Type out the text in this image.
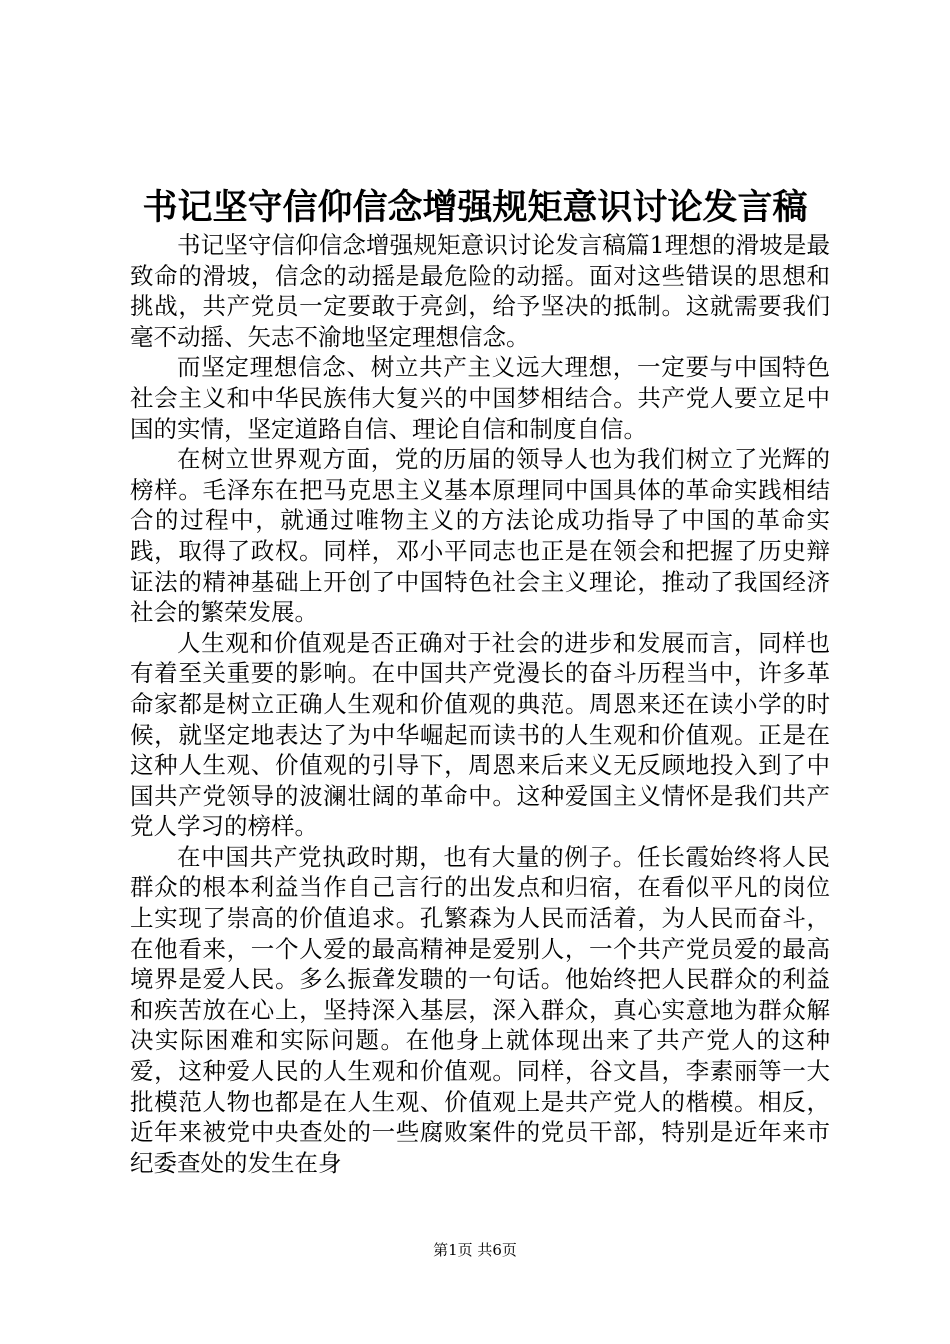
书记坚守信仰信念增强规矩意识讨论发言稿

书记坚守信仰信念增强规矩意识讨论发言稿篇1理想的滑坡是最致命的滑坡，信念的动摇是最危险的动摇。面对这些错误的思想和挑战，共产党员一定要敢于亮剑，给予坚决的抵制。这就需要我们毫不动摇、矢志不渝地坚定理想信念。

而坚定理想信念、树立共产主义远大理想，一定要与中国特色社会主义和中华民族伟大复兴的中国梦相结合。共产党人要立足中国的实情，坚定道路自信、理论自信和制度自信。

在树立世界观方面，党的历届的领导人也为我们树立了光辉的榜样。毛泽东在把马克思主义基本原理同中国具体的革命实践相结合的过程中，就通过唯物主义的方法论成功指导了中国的革命实践，取得了政权。同样，邓小平同志也正是在领会和把握了历史辩证法的精神基础上开创了中国特色社会主义理论，推动了我国经济社会的繁荣发展。

人生观和价值观是否正确对于社会的进步和发展而言，同样也有着至关重要的影响。在中国共产党漫长的奋斗历程当中，许多革命家都是树立正确人生观和价值观的典范。周恩来还在读小学的时候，就坚定地表达了为中华崛起而读书的人生观和价值观。正是在这种人生观、价值观的引导下，周恩来后来义无反顾地投入到了中国共产党领导的波澜壮阔的革命中。这种爱国主义情怀是我们共产党人学习的榜样。

在中国共产党执政时期，也有大量的例子。任长霞始终将人民群众的根本利益当作自己言行的出发点和归宿，在看似平凡的岗位上实现了崇高的价值追求。孔繁森为人民而活着，为人民而奋斗，在他看来，一个人爱的最高精神是爱别人，一个共产党员爱的最高境界是爱人民。多么振聋发聩的一句话。他始终把人民群众的利益和疾苦放在心上，坚持深入基层，深入群众，真心实意地为群众解决实际困难和实际问题。在他身上就体现出来了共产党人的这种爱，这种爱人民的人生观和价值观。同样，谷文昌，李素丽等一大批模范人物也都是在人生观、价值观上是共产党人的楷模。相反，近年来被党中央查处的一些腐败案件的党员干部，特别是近年来市纪委查处的发生在身

第1页 共6页
